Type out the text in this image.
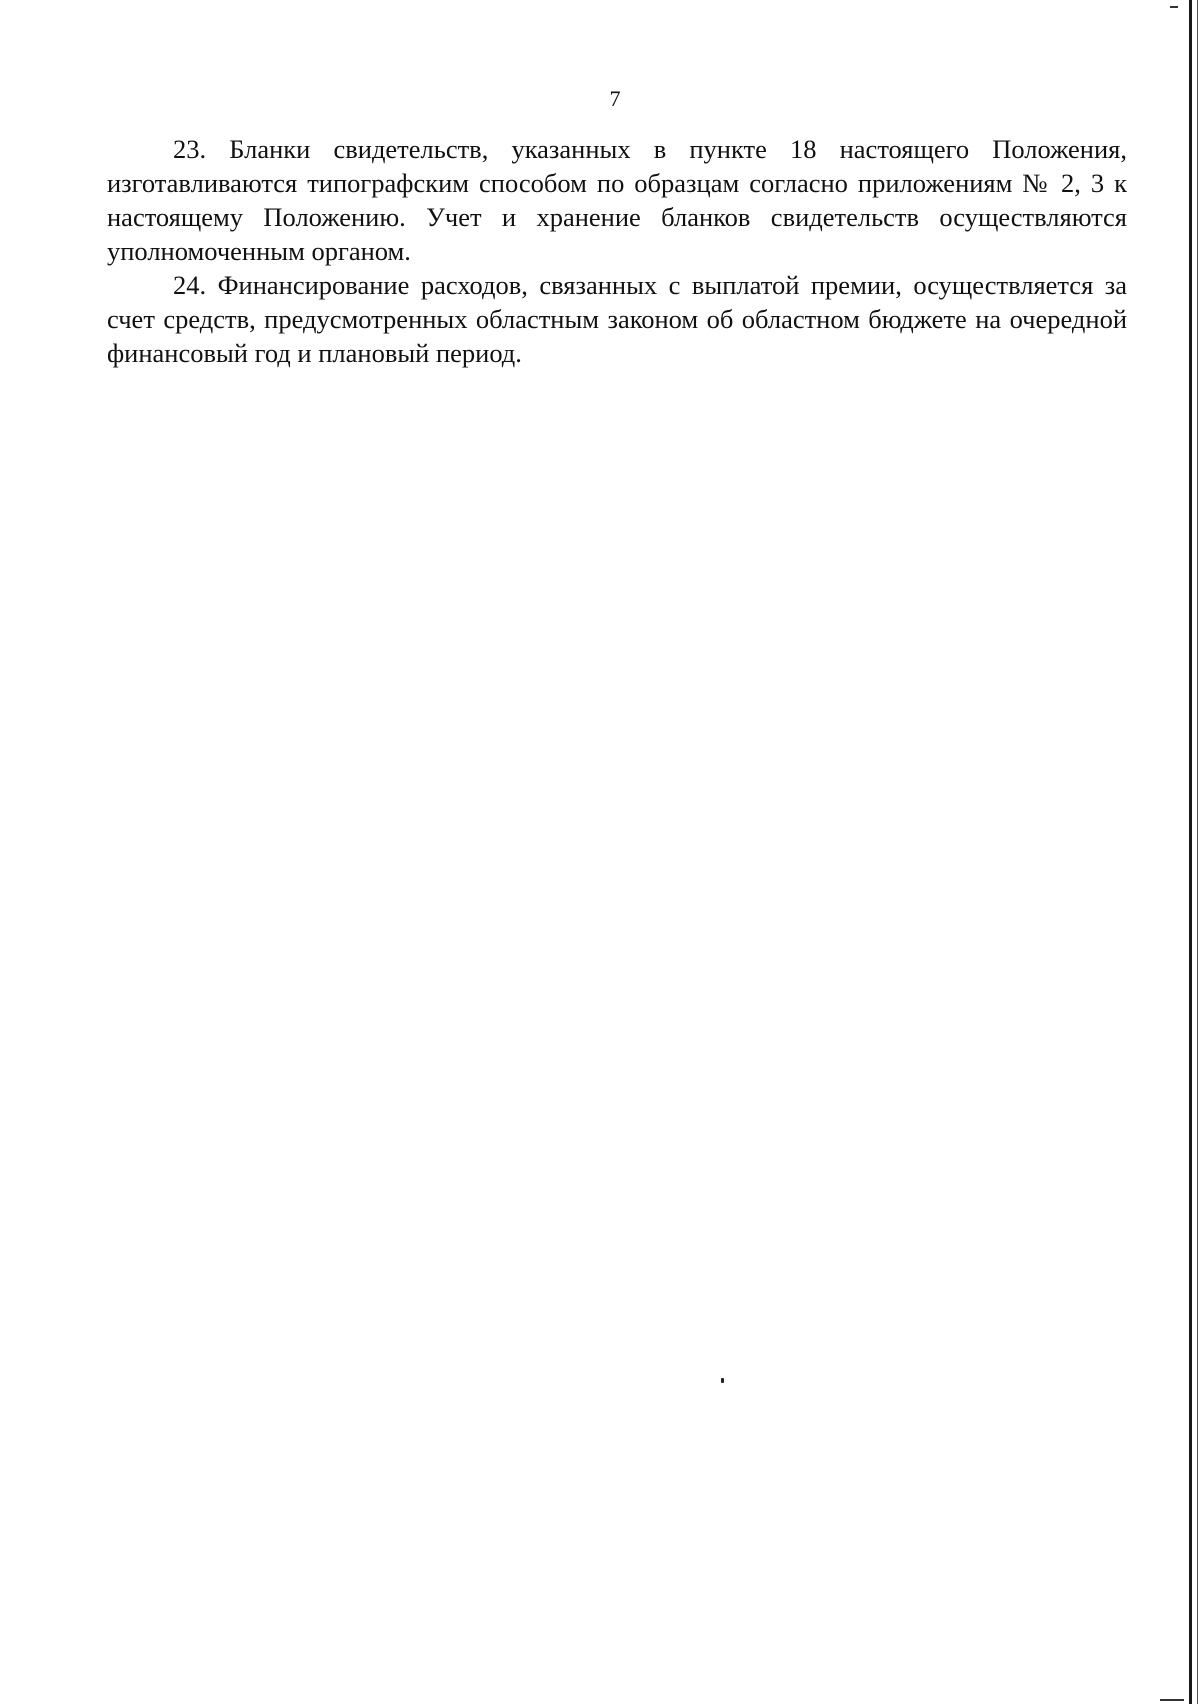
7

23. Бланки свидетельств, указанных в пункте 18 настоящего Положения, изготавливаются типографским способом по образцам согласно приложениям № 2, 3 к настоящему Положению. Учет и хранение бланков свидетельств осуществляются уполномоченным органом.

24. Финансирование расходов, связанных с выплатой премии, осуществляется за счет средств, предусмотренных областным законом об областном бюджете на очередной финансовый год и плановый период.
